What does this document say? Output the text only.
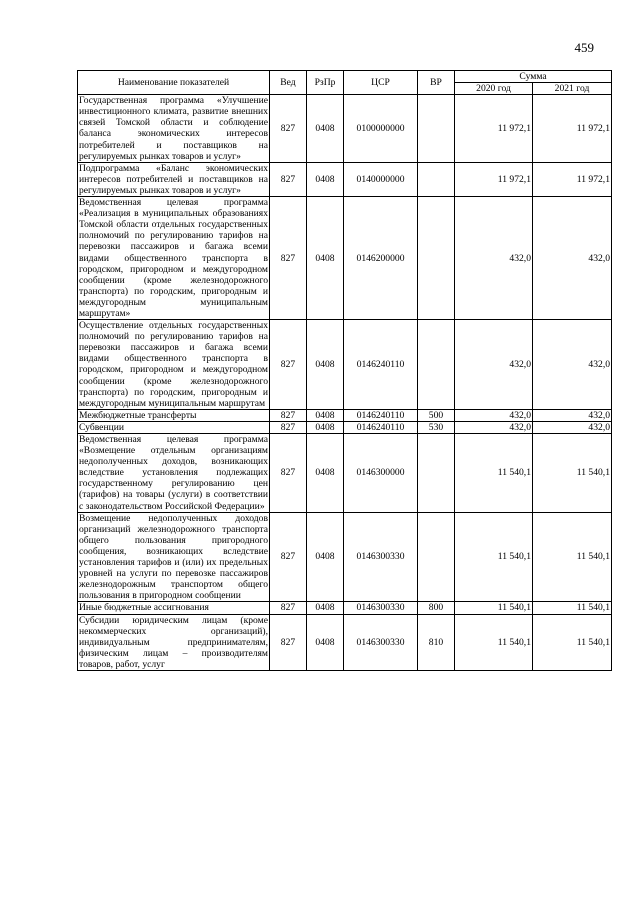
459
Наименование показателей	Вед	РзПр	ЦСР	ВР	Сумма	
					2020 год	2021 год
Государственная программа «Улучшение инвестиционного климата, развитие внешних связей Томской области и соблюдение баланса экономических интересов потребителей и поставщиков на регулируемых рынках товаров и услуг»	827	0408	0100000000		11 972,1	11 972,1
Подпрограмма «Баланс экономических интересов потребителей и поставщиков на регулируемых рынках товаров и услуг»	827	0408	0140000000		11 972,1	11 972,1
Ведомственная целевая программа «Реализация в муниципальных образованиях Томской области отдельных государственных полномочий по регулированию тарифов на перевозки пассажиров и багажа всеми видами общественного транспорта в городском, пригородном и междугородном сообщении (кроме железнодорожного транспорта) по городским, пригородным и междугородным муниципальным маршрутам»	827	0408	0146200000		432,0	432,0
Осуществление отдельных государственных полномочий по регулированию тарифов на перевозки пассажиров и багажа всеми видами общественного транспорта в городском, пригородном и междугородном сообщении (кроме железнодорожного транспорта) по городским, пригородным и междугородным муниципальным маршрутам	827	0408	0146240110		432,0	432,0
Межбюджетные трансферты	827	0408	0146240110	500	432,0	432,0
Субвенции	827	0408	0146240110	530	432,0	432,0
Ведомственная целевая программа «Возмещение отдельным организациям недополученных доходов, возникающих вследствие установления подлежащих государственному регулированию цен (тарифов) на товары (услуги) в соответствии с законодательством Российской Федерации»	827	0408	0146300000		11 540,1	11 540,1
Возмещение недополученных доходов организаций железнодорожного транспорта общего пользования пригородного сообщения, возникающих вследствие установления тарифов и (или) их предельных уровней на услуги по перевозке пассажиров железнодорожным транспортом общего пользования в пригородном сообщении	827	0408	0146300330		11 540,1	11 540,1
Иные бюджетные ассигнования	827	0408	0146300330	800	11 540,1	11 540,1
Субсидии юридическим лицам (кроме некоммерческих организаций), индивидуальным предпринимателям, физическим лицам – производителям товаров, работ, услуг	827	0408	0146300330	810	11 540,1	11 540,1
